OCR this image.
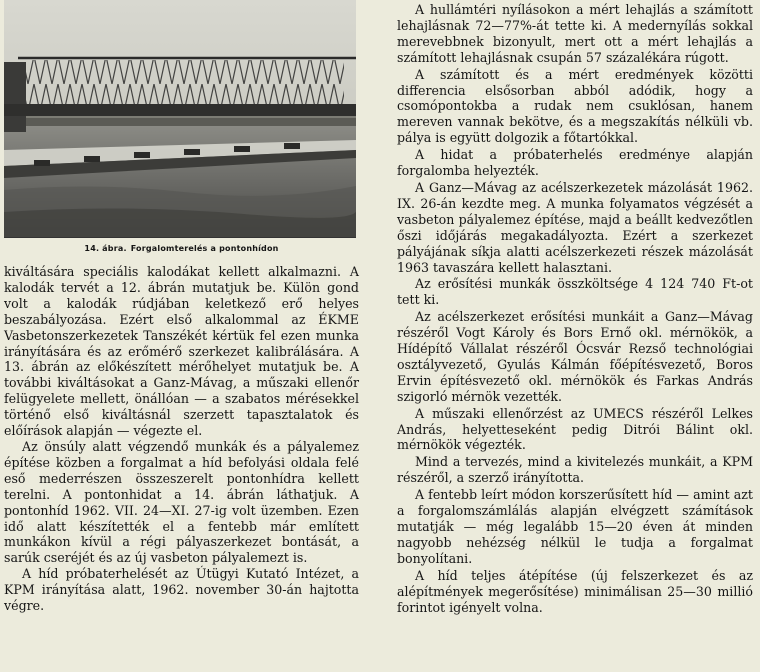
14. ábra. Forgalomterelés a pontonhídon

kiváltására speciális kalodákat kellett alkalmazni. A kalodák tervét a 12. ábrán mutatjuk be. Külön gond volt a kalodák rúdjában keletkező erő helyes beszabályozása. Ezért első alkalommal az ÉKME Vasbetonszerkezetek Tanszékét kértük fel ezen munka irányítására és az erőmérő szerkezet kalibrálására. A 13. ábrán az előkészített mérőhelyet mutatjuk be. A további kiváltásokat a Ganz-Mávag, a műszaki ellenőr felügyelete mellett, önállóan — a szabatos mérésekkel történő első kiváltásnál szerzett tapasztalatok és előírások alapján — végezte el.

Az önsúly alatt végzendő munkák és a pályalemez építése közben a forgalmat a híd befolyási oldala felé eső mederrészen összeszerelt pontonhídra kellett terelni. A pontonhidat a 14. ábrán láthatjuk. A pontonhíd 1962. VII. 24—XI. 27-ig volt üzemben. Ezen idő alatt készítették el a fentebb már említett munkákon kívül a régi pályaszerkezet bontását, a sarúk cseréjét és az új vasbeton pályalemezt is.

A híd próbaterhelését az Útügyi Kutató Intézet, a KPM irányítása alatt, 1962. november 30-án hajtotta végre.

A hullámtéri nyílásokon a mért lehajlás a számított lehajlásnak 72—77%-át tette ki. A medernyílás sokkal merevebbnek bizonyult, mert ott a mért lehajlás a számított lehajlásnak csupán 57 százalékára rúgott.

A számított és a mért eredmények közötti differencia elsősorban abból adódik, hogy a csomópontokba a rudak nem csuklósan, hanem mereven vannak bekötve, és a megszakítás nélküli vb. pálya is együtt dolgozik a főtartókkal.

A hidat a próbaterhelés eredménye alapján forgalomba helyezték.

A Ganz—Mávag az acélszerkezetek mázolását 1962. IX. 26-án kezdte meg. A munka folyamatos végzését a vasbeton pályalemez építése, majd a beállt kedvezőtlen őszi időjárás megakadályozta. Ezért a szerkezet pályájának síkja alatti acélszerkezeti részek mázolását 1963 tavaszára kellett halasztani.

Az erősítési munkák összköltsége 4 124 740 Ft-ot tett ki.

Az acélszerkezet erősítési munkáit a Ganz—Mávag részéről Vogt Károly és Bors Ernő okl. mérnökök, a Hídépítő Vállalat részéről Ócsvár Rezső technológiai osztályvezető, Gyulás Kálmán főépítésvezető, Boros Ervin építésvezető okl. mérnökök és Farkas András szigorló mérnök vezették.

A műszaki ellenőrzést az UMECS részéről Lelkes András, helyetteseként pedig Ditrói Bálint okl. mérnökök végezték.

Mind a tervezés, mind a kivitelezés munkáit, a KPM részéről, a szerző irányította.

A fentebb leírt módon korszerűsített híd — amint azt a forgalomszámlálás alapján elvégzett számítások mutatják — még legalább 15—20 éven át minden nagyobb nehézség nélkül le tudja a forgalmat bonyolítani.

A híd teljes átépítése (új felszerkezet és az alépítmények megerősítése) minimálisan 25—30 millió forintot igényelt volna.
